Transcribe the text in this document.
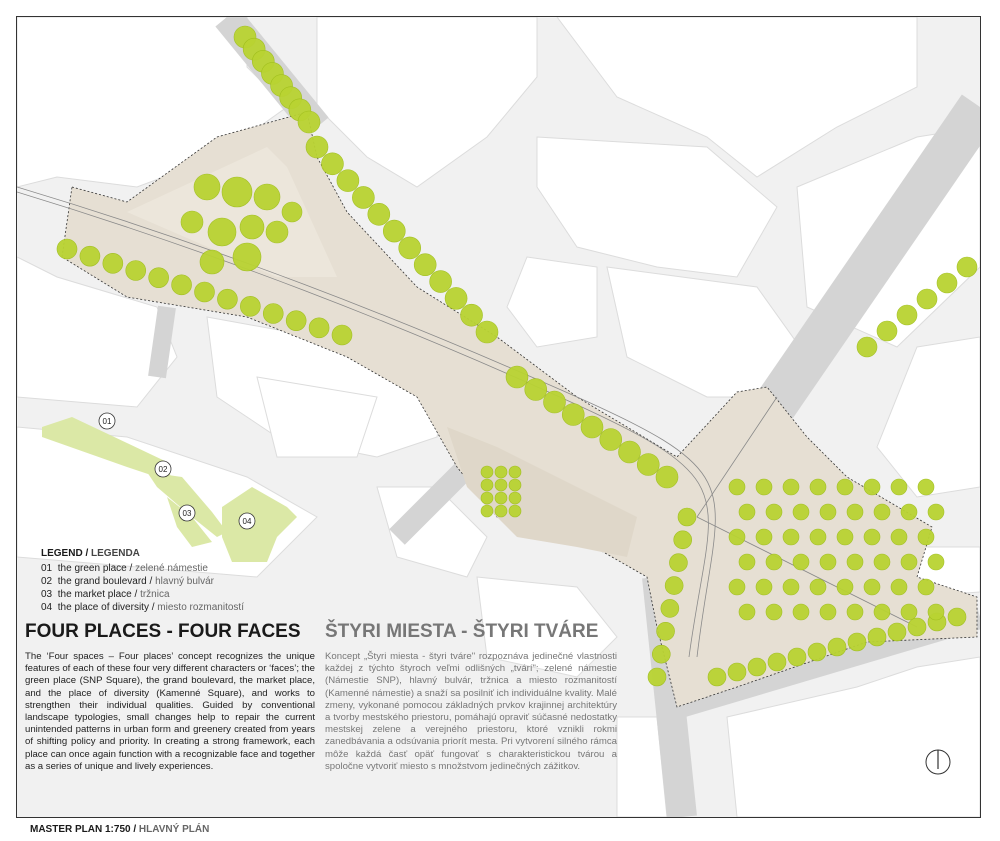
01
02
03
04
LEGEND / LEGENDA
01 the green place / zelené námestie
02 the grand boulevard / hlavný bulvár
03 the market place / tržnica
04 the place of diversity / miesto rozmanitostí
FOUR PLACES - FOUR FACES ŠTYRI MIESTA - ŠTYRI TVÁRE
The ‘Four spaces – Four places’ concept recognizes the unique features of each of these four very different characters or ‘faces’; the green place (SNP Square), the grand boulevard, the market place, and the place of diversity (Kamenné Square), and works to strengthen their individual qualities. Guided by conventional landscape typologies, small changes help to repair the current unintended patterns in urban form and greenery created from years of shifting policy and priority. In creating a strong framework, each place can once again function with a recognizable face and together as a series of unique and lively experiences.
Koncept „Štyri miesta - štyri tváre" rozpoznáva jedinečné vlastnosti každej z týchto štyroch veľmi odlišných „tvárí"; zelené námestie (Námestie SNP), hlavný bulvár, tržnica a miesto rozmanitostí (Kamenné námestie) a snaží sa posilniť ich individuálne kvality. Malé zmeny, vykonané pomocou základných prvkov krajinnej architektúry a tvorby mestského priestoru, pomáhajú opraviť súčasné nedostatky mestskej zelene a verejného priestoru, ktoré vznikli rokmi zanedbávania a odsúvania priorít mesta. Pri vytvorení silného rámca môže každá časť opäť fungovať s charakteristickou tvárou a spoločne vytvoriť miesto s množstvom jedinečných zážitkov.
MASTER PLAN 1:750 / HLAVNÝ PLÁN
